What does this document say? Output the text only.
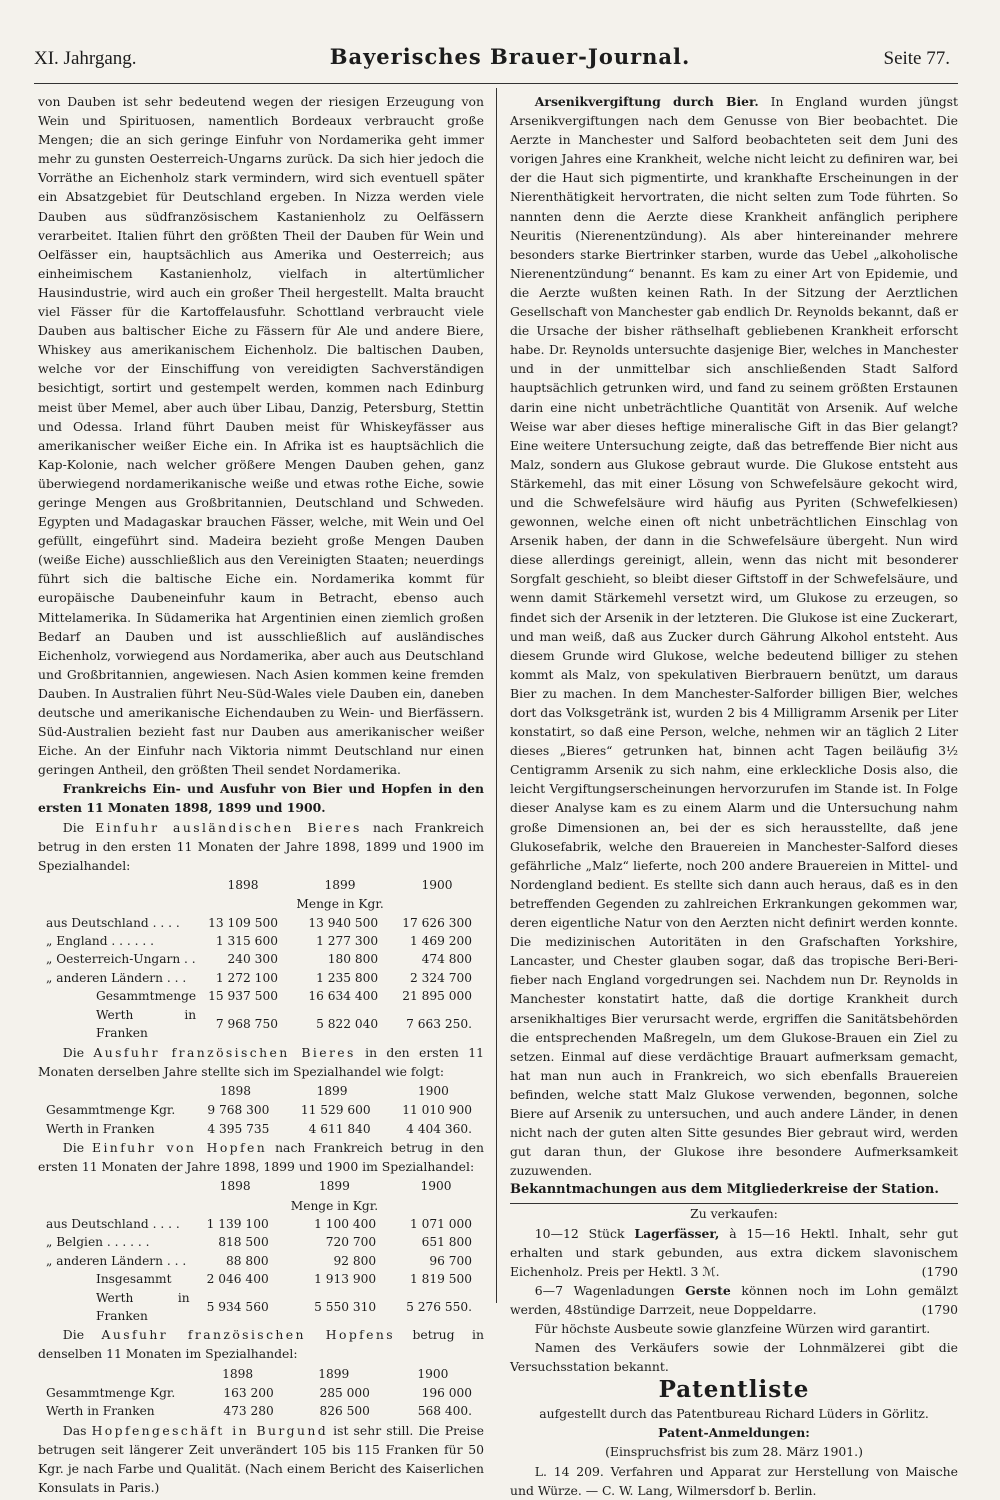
XI. Jahrgang.	Bayerisches Brauer-Journal.	Seite 77.

von Dauben ist sehr bedeutend wegen der riesigen Erzeugung von Wein und Spirituosen, namentlich Bordeaux verbraucht große Mengen; die an sich geringe Einfuhr von Nordamerika geht immer mehr zu gunsten Oesterreich-Ungarns zurück. Da sich hier jedoch die Vorräthe an Eichenholz stark vermindern, wird sich eventuell später ein Absatzgebiet für Deutschland ergeben. In Nizza werden viele Dauben aus südfranzösischem Kastanienholz zu Oelfässern verarbeitet. Italien führt den größten Theil der Dauben für Wein und Oelfässer ein, hauptsächlich aus Amerika und Oesterreich; aus einheimischem Kastanienholz, vielfach in altertümlicher Hausindustrie, wird auch ein großer Theil hergestellt. Malta braucht viel Fässer für die Kartoffelausfuhr. Schottland verbraucht viele Dauben aus baltischer Eiche zu Fässern für Ale und andere Biere, Whiskey aus amerikanischem Eichenholz. Die baltischen Dauben, welche vor der Einschiffung von vereidigten Sachverständigen besichtigt, sortirt und gestempelt werden, kommen nach Edinburg meist über Memel, aber auch über Libau, Danzig, Petersburg, Stettin und Odessa. Irland führt Dauben meist für Whiskeyfässer aus amerikanischer weißer Eiche ein. In Afrika ist es hauptsächlich die Kap-Kolonie, nach welcher größere Mengen Dauben gehen, ganz überwiegend nordamerikanische weiße und etwas rothe Eiche, sowie geringe Mengen aus Großbritannien, Deutschland und Schweden. Egypten und Madagaskar brauchen Fässer, welche, mit Wein und Oel gefüllt, eingeführt sind. Madeira bezieht große Mengen Dauben (weiße Eiche) ausschließlich aus den Vereinigten Staaten; neuerdings führt sich die baltische Eiche ein. Nordamerika kommt für europäische Daubeneinfuhr kaum in Betracht, ebenso auch Mittelamerika. In Südamerika hat Argentinien einen ziemlich großen Bedarf an Dauben und ist ausschließlich auf ausländisches Eichenholz, vorwiegend aus Nordamerika, aber auch aus Deutschland und Großbritannien, angewiesen. Nach Asien kommen keine fremden Dauben. In Australien führt Neu-Süd-Wales viele Dauben ein, daneben deutsche und amerikanische Eichendauben zu Wein- und Bierfässern. Süd-Australien bezieht fast nur Dauben aus amerikanischer weißer Eiche. An der Einfuhr nach Viktoria nimmt Deutschland nur einen geringen Antheil, den größten Theil sendet Nordamerika.

Frankreichs Ein- und Ausfuhr von Bier und Hopfen in den ersten 11 Monaten 1898, 1899 und 1900.

Die Einfuhr ausländischen Bieres nach Frankreich betrug in den ersten 11 Monaten der Jahre 1898, 1899 und 1900 im Spezialhandel:

	1898	1899	1900
		Menge in Kgr.	
aus Deutschland . . . .	13 109 500	13 940 500	17 626 300
„ England . . . . . .	1 315 600	1 277 300	1 469 200
„ Oesterreich-Ungarn . .	240 300	180 800	474 800
„ anderen Ländern . . .	1 272 100	1 235 800	2 324 700
Gesammtmenge	15 937 500	16 634 400	21 895 000
Werth in Franken	7 968 750	5 822 040	7 663 250.

Die Ausfuhr französischen Bieres in den ersten 11 Monaten derselben Jahre stellte sich im Spezialhandel wie folgt:

	1898	1899	1900
Gesammtmenge Kgr.	9 768 300	11 529 600	11 010 900
Werth in Franken	4 395 735	4 611 840	4 404 360.

Die Einfuhr von Hopfen nach Frankreich betrug in den ersten 11 Monaten der Jahre 1898, 1899 und 1900 im Spezialhandel:

	1898	1899	1900
		Menge in Kgr.	
aus Deutschland . . . .	1 139 100	1 100 400	1 071 000
„ Belgien . . . . . .	818 500	720 700	651 800
„ anderen Ländern . . .	88 800	92 800	96 700
Insgesammt	2 046 400	1 913 900	1 819 500
Werth in Franken	5 934 560	5 550 310	5 276 550.

Die Ausfuhr französischen Hopfens betrug in denselben 11 Monaten im Spezialhandel:

	1898	1899	1900
Gesammtmenge Kgr.	163 200	285 000	196 000
Werth in Franken	473 280	826 500	568 400.

Das Hopfengeschäft in Burgund ist sehr still. Die Preise betrugen seit längerer Zeit unverändert 105 bis 115 Franken für 50 Kgr. je nach Farbe und Qualität. (Nach einem Bericht des Kaiserlichen Konsulats in Paris.)

Arsenikvergiftung durch Bier. In England wurden jüngst Arsenikvergiftungen nach dem Genusse von Bier beobachtet. Die Aerzte in Manchester und Salford beobachteten seit dem Juni des vorigen Jahres eine Krankheit, welche nicht leicht zu definiren war, bei der die Haut sich pigmentirte, und krankhafte Erscheinungen in der Nierenthätigkeit hervortraten, die nicht selten zum Tode führten. So nannten denn die Aerzte diese Krankheit anfänglich periphere Neuritis (Nierenentzündung). Als aber hintereinander mehrere besonders starke Biertrinker starben, wurde das Uebel „alkoholische Nierenentzündung“ benannt. Es kam zu einer Art von Epidemie, und die Aerzte wußten keinen Rath. In der Sitzung der Aerztlichen Gesellschaft von Manchester gab endlich Dr. Reynolds bekannt, daß er die Ursache der bisher räthselhaft gebliebenen Krankheit erforscht habe. Dr. Reynolds untersuchte dasjenige Bier, welches in Manchester und in der unmittelbar sich anschließenden Stadt Salford hauptsächlich getrunken wird, und fand zu seinem größten Erstaunen darin eine nicht unbeträchtliche Quantität von Arsenik. Auf welche Weise war aber dieses heftige mineralische Gift in das Bier gelangt? Eine weitere Untersuchung zeigte, daß das betreffende Bier nicht aus Malz, sondern aus Glukose gebraut wurde. Die Glukose entsteht aus Stärkemehl, das mit einer Lösung von Schwefelsäure gekocht wird, und die Schwefelsäure wird häufig aus Pyriten (Schwefelkiesen) gewonnen, welche einen oft nicht unbeträchtlichen Einschlag von Arsenik haben, der dann in die Schwefelsäure übergeht. Nun wird diese allerdings gereinigt, allein, wenn das nicht mit besonderer Sorgfalt geschieht, so bleibt dieser Giftstoff in der Schwefelsäure, und wenn damit Stärkemehl versetzt wird, um Glukose zu erzeugen, so findet sich der Arsenik in der letzteren. Die Glukose ist eine Zuckerart, und man weiß, daß aus Zucker durch Gährung Alkohol entsteht. Aus diesem Grunde wird Glukose, welche bedeutend billiger zu stehen kommt als Malz, von spekulativen Bierbrauern benützt, um daraus Bier zu machen. In dem Manchester-Salforder billigen Bier, welches dort das Volksgetränk ist, wurden 2 bis 4 Milligramm Arsenik per Liter konstatirt, so daß eine Person, welche, nehmen wir an täglich 2 Liter dieses „Bieres“ getrunken hat, binnen acht Tagen beiläufig 3½ Centigramm Arsenik zu sich nahm, eine erkleckliche Dosis also, die leicht Vergiftungserscheinungen hervorzurufen im Stande ist. In Folge dieser Analyse kam es zu einem Alarm und die Untersuchung nahm große Dimensionen an, bei der es sich herausstellte, daß jene Glukosefabrik, welche den Brauereien in Manchester-Salford dieses gefährliche „Malz“ lieferte, noch 200 andere Brauereien in Mittel- und Nordengland bedient. Es stellte sich dann auch heraus, daß es in den betreffenden Gegenden zu zahlreichen Erkrankungen gekommen war, deren eigentliche Natur von den Aerzten nicht definirt werden konnte. Die medizinischen Autoritäten in den Grafschaften Yorkshire, Lancaster, und Chester glauben sogar, daß das tropische Beri-Beri-fieber nach England vorgedrungen sei. Nachdem nun Dr. Reynolds in Manchester konstatirt hatte, daß die dortige Krankheit durch arsenikhaltiges Bier verursacht werde, ergriffen die Sanitätsbehörden die entsprechenden Maßregeln, um dem Glukose-Brauen ein Ziel zu setzen. Einmal auf diese verdächtige Brauart aufmerksam gemacht, hat man nun auch in Frankreich, wo sich ebenfalls Brauereien befinden, welche statt Malz Glukose verwenden, begonnen, solche Biere auf Arsenik zu untersuchen, und auch andere Länder, in denen nicht nach der guten alten Sitte gesundes Bier gebraut wird, werden gut daran thun, der Glukose ihre besondere Aufmerksamkeit zuzuwenden.

Bekanntmachungen aus dem Mitgliederkreise der Station.

Zu verkaufen:

10—12 Stück Lagerfässer, à 15—16 Hektl. Inhalt, sehr gut erhalten und stark gebunden, aus extra dickem slavonischem Eichenholz. Preis per Hektl. 3 ℳ.	(1790

6—7 Wagenladungen Gerste können noch im Lohn gemälzt werden, 48stündige Darrzeit, neue Doppeldarre.	(1790

Für höchste Ausbeute sowie glanzfeine Würzen wird garantirt.

Namen des Verkäufers sowie der Lohnmälzerei gibt die Versuchsstation bekannt.

Patentliste

aufgestellt durch das Patentbureau Richard Lüders in Görlitz.

Patent-Anmeldungen:

(Einspruchsfrist bis zum 28. März 1901.)

L. 14 209. Verfahren und Apparat zur Herstellung von Maische und Würze. — C. W. Lang, Wilmersdorf b. Berlin.
